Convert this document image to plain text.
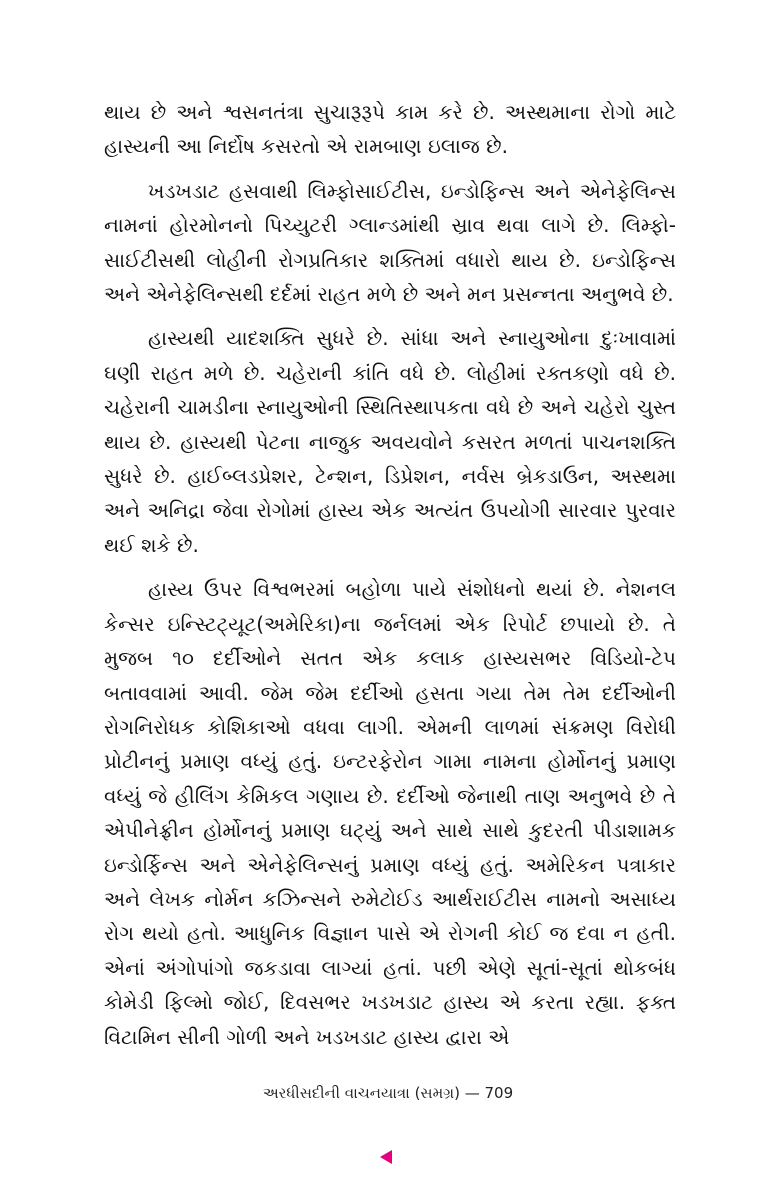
થાય છે અને શ્વસનતંત્રા સુચારૂરૂપે કામ કરે છે. અસ્થમાના રોગો માટે હાસ્યની આ નિર્દોષ કસરતો એ રામબાણ ઇલાજ છે.

ખડખડાટ હસવાથી લિમ્ફોસાઈટીસ, ઇન્ડોફિન્સ અને એનેફેલિન્સ નામનાં હોરમોનનો પિચ્યુટરી ગ્લાન્ડમાંથી સ્રાવ થવા લાગે છે. લિમ્ફો-સાઈટીસથી લોહીની રોગપ્રતિકાર શક્તિમાં વધારો થાય છે. ઇન્ડોફિન્સ અને એનેફેલિન્સથી દર્દમાં રાહત મળે છે અને મન પ્રસન્નતા અનુભવે છે.

હાસ્યથી યાદશક્તિ સુધરે છે. સાંધા અને સ્નાયુઓના દુઃખાવામાં ઘણી રાહત મળે છે. ચહેરાની કાંતિ વધે છે. લોહીમાં રક્તકણો વધે છે. ચહેરાની ચામડીના સ્નાયુઓની સ્થિતિસ્થાપકતા વધે છે અને ચહેરો ચુસ્ત થાય છે. હાસ્યથી પેટના નાજુક અવયવોને કસરત મળતાં પાચનશક્તિ સુધરે છે. હાઈબ્લડપ્રેશર, ટેન્શન, ડિપ્રેશન, નર્વસ બ્રેકડાઉન, અસ્થમા અને અનિદ્રા જેવા રોગોમાં હાસ્ય એક અત્યંત ઉપયોગી સારવાર પુરવાર થઈ શકે છે.

હાસ્ય ઉપર વિશ્વભરમાં બહોળા પાયે સંશોધનો થયાં છે. નેશનલ કેન્સર ઇન્સ્ટિટ્યૂટ(અમેરિકા)ના જર્નલમાં એક રિપોર્ટ છપાયો છે. તે મુજબ ૧૦ દર્દીઓને સતત એક કલાક હાસ્યસભર વિડિયો-ટેપ બતાવવામાં આવી. જેમ જેમ દર્દીઓ હસતા ગયા તેમ તેમ દર્દીઓની રોગનિરોધક કોશિકાઓ વધવા લાગી. એમની લાળમાં સંક્રમણ વિરોધી પ્રોટીનનું પ્રમાણ વધ્યું હતું. ઇન્ટરફેરોન ગામા નામના હોર્મોનનું પ્રમાણ વધ્યું જે હીલિંગ કેમિકલ ગણાય છે. દર્દીઓ જેનાથી તાણ અનુભવે છે તે એપીનેફ્રીન હોર્મોનનું પ્રમાણ ઘટ્યું અને સાથે સાથે કુદરતી પીડાશામક ઇન્ડોર્ફિન્સ અને એનેફેલિન્સનું પ્રમાણ વધ્યું હતું. અમેરિકન પત્રાકાર અને લેખક નોર્મન કઝિન્સને રુમેટોઈડ આર્થરાઈટીસ નામનો અસાધ્ય રોગ થયો હતો. આધુનિક વિજ્ઞાન પાસે એ રોગની કોઈ જ દવા ન હતી. એનાં અંગોપાંગો જકડાવા લાગ્યાં હતાં. પછી એણે સૂતાં-સૂતાં થોકબંધ કોમેડી ફિલ્મો જોઈ, દિવસભર ખડખડાટ હાસ્ય એ કરતા રહ્યા. ફક્ત વિટામિન સીની ગોળી અને ખડખડાટ હાસ્ય દ્વારા એ

અરધીસદીની વાચનયાત્રા (સમગ્ર) — 709
